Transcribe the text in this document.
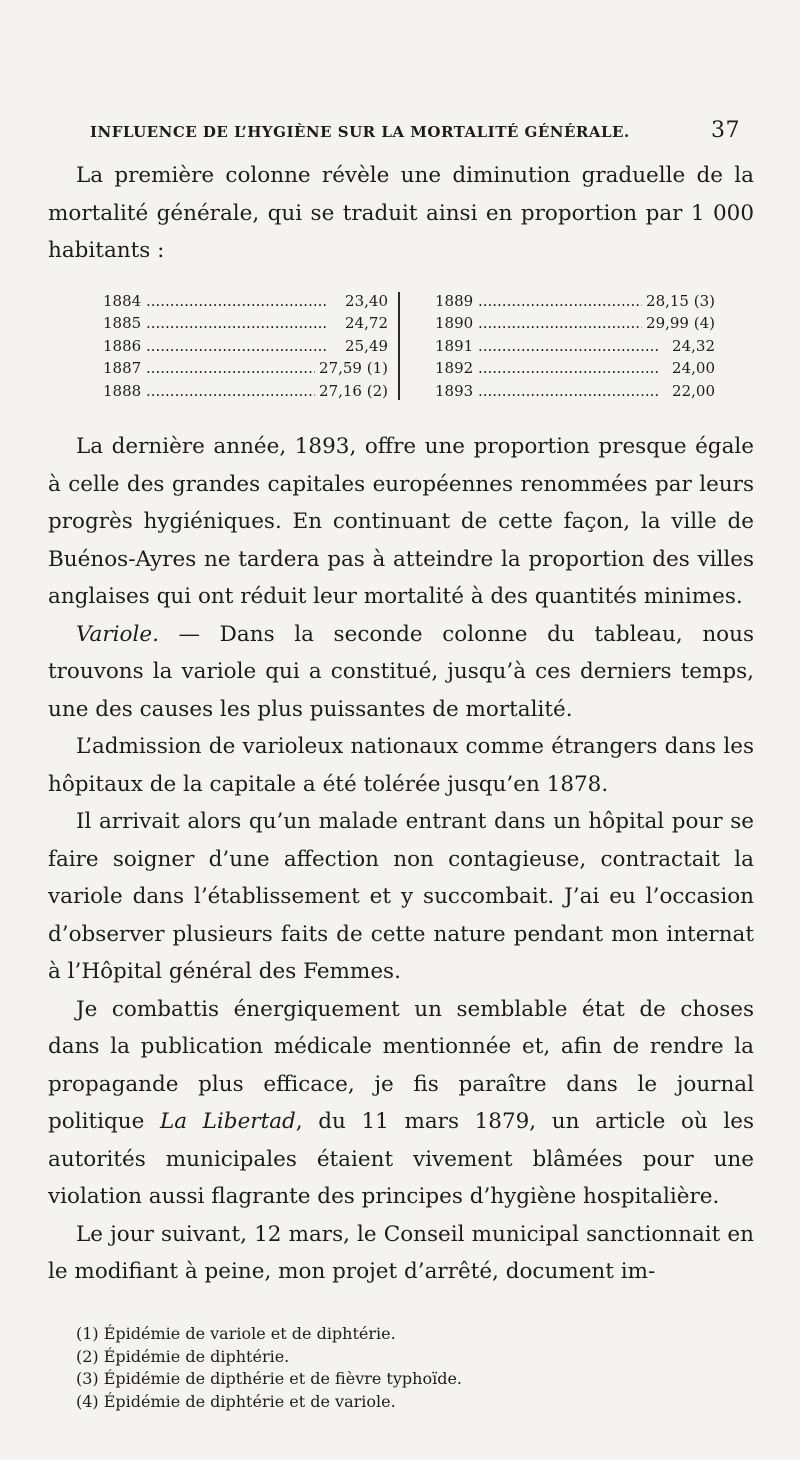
INFLUENCE DE L’HYGIÈNE SUR LA MORTALITÉ GÉNÉRALE.	37

La première colonne révèle une diminution graduelle de la mortalité générale, qui se traduit ainsi en proportion par 1 000 habitants :

1884 .....	23,40
1885 .....	24,72
1886 .....	25,49
1887 .....	27,59 (1)
1888 .....	27,16 (2)
1889 .....	28,15 (3)
1890 .....	29,99 (4)
1891 .....	24,32
1892 .....	24,00
1893 .....	22,00

La dernière année, 1893, offre une proportion presque égale à celle des grandes capitales européennes renommées par leurs progrès hygiéniques. En continuant de cette façon, la ville de Buénos-Ayres ne tardera pas à atteindre la proportion des villes anglaises qui ont réduit leur mortalité à des quantités minimes.

Variole. — Dans la seconde colonne du tableau, nous trouvons la variole qui a constitué, jusqu’à ces derniers temps, une des causes les plus puissantes de mortalité.

L’admission de varioleux nationaux comme étrangers dans les hôpitaux de la capitale a été tolérée jusqu’en 1878.

Il arrivait alors qu’un malade entrant dans un hôpital pour se faire soigner d’une affection non contagieuse, contractait la variole dans l’établissement et y succombait. J’ai eu l’occasion d’observer plusieurs faits de cette nature pendant mon internat à l’Hôpital général des Femmes.

Je combattis énergiquement un semblable état de choses dans la publication médicale mentionnée et, afin de rendre la propagande plus efficace, je fis paraître dans le journal politique La Libertad, du 11 mars 1879, un article où les autorités municipales étaient vivement blâmées pour une violation aussi flagrante des principes d’hygiène hospitalière.

Le jour suivant, 12 mars, le Conseil municipal sanctionnait en le modifiant à peine, mon projet d’arrêté, document im-

(1) Épidémie de variole et de diphtérie.
(2) Épidémie de diphtérie.
(3) Épidémie de dipthérie et de fièvre typhoïde.
(4) Épidémie de diphtérie et de variole.
